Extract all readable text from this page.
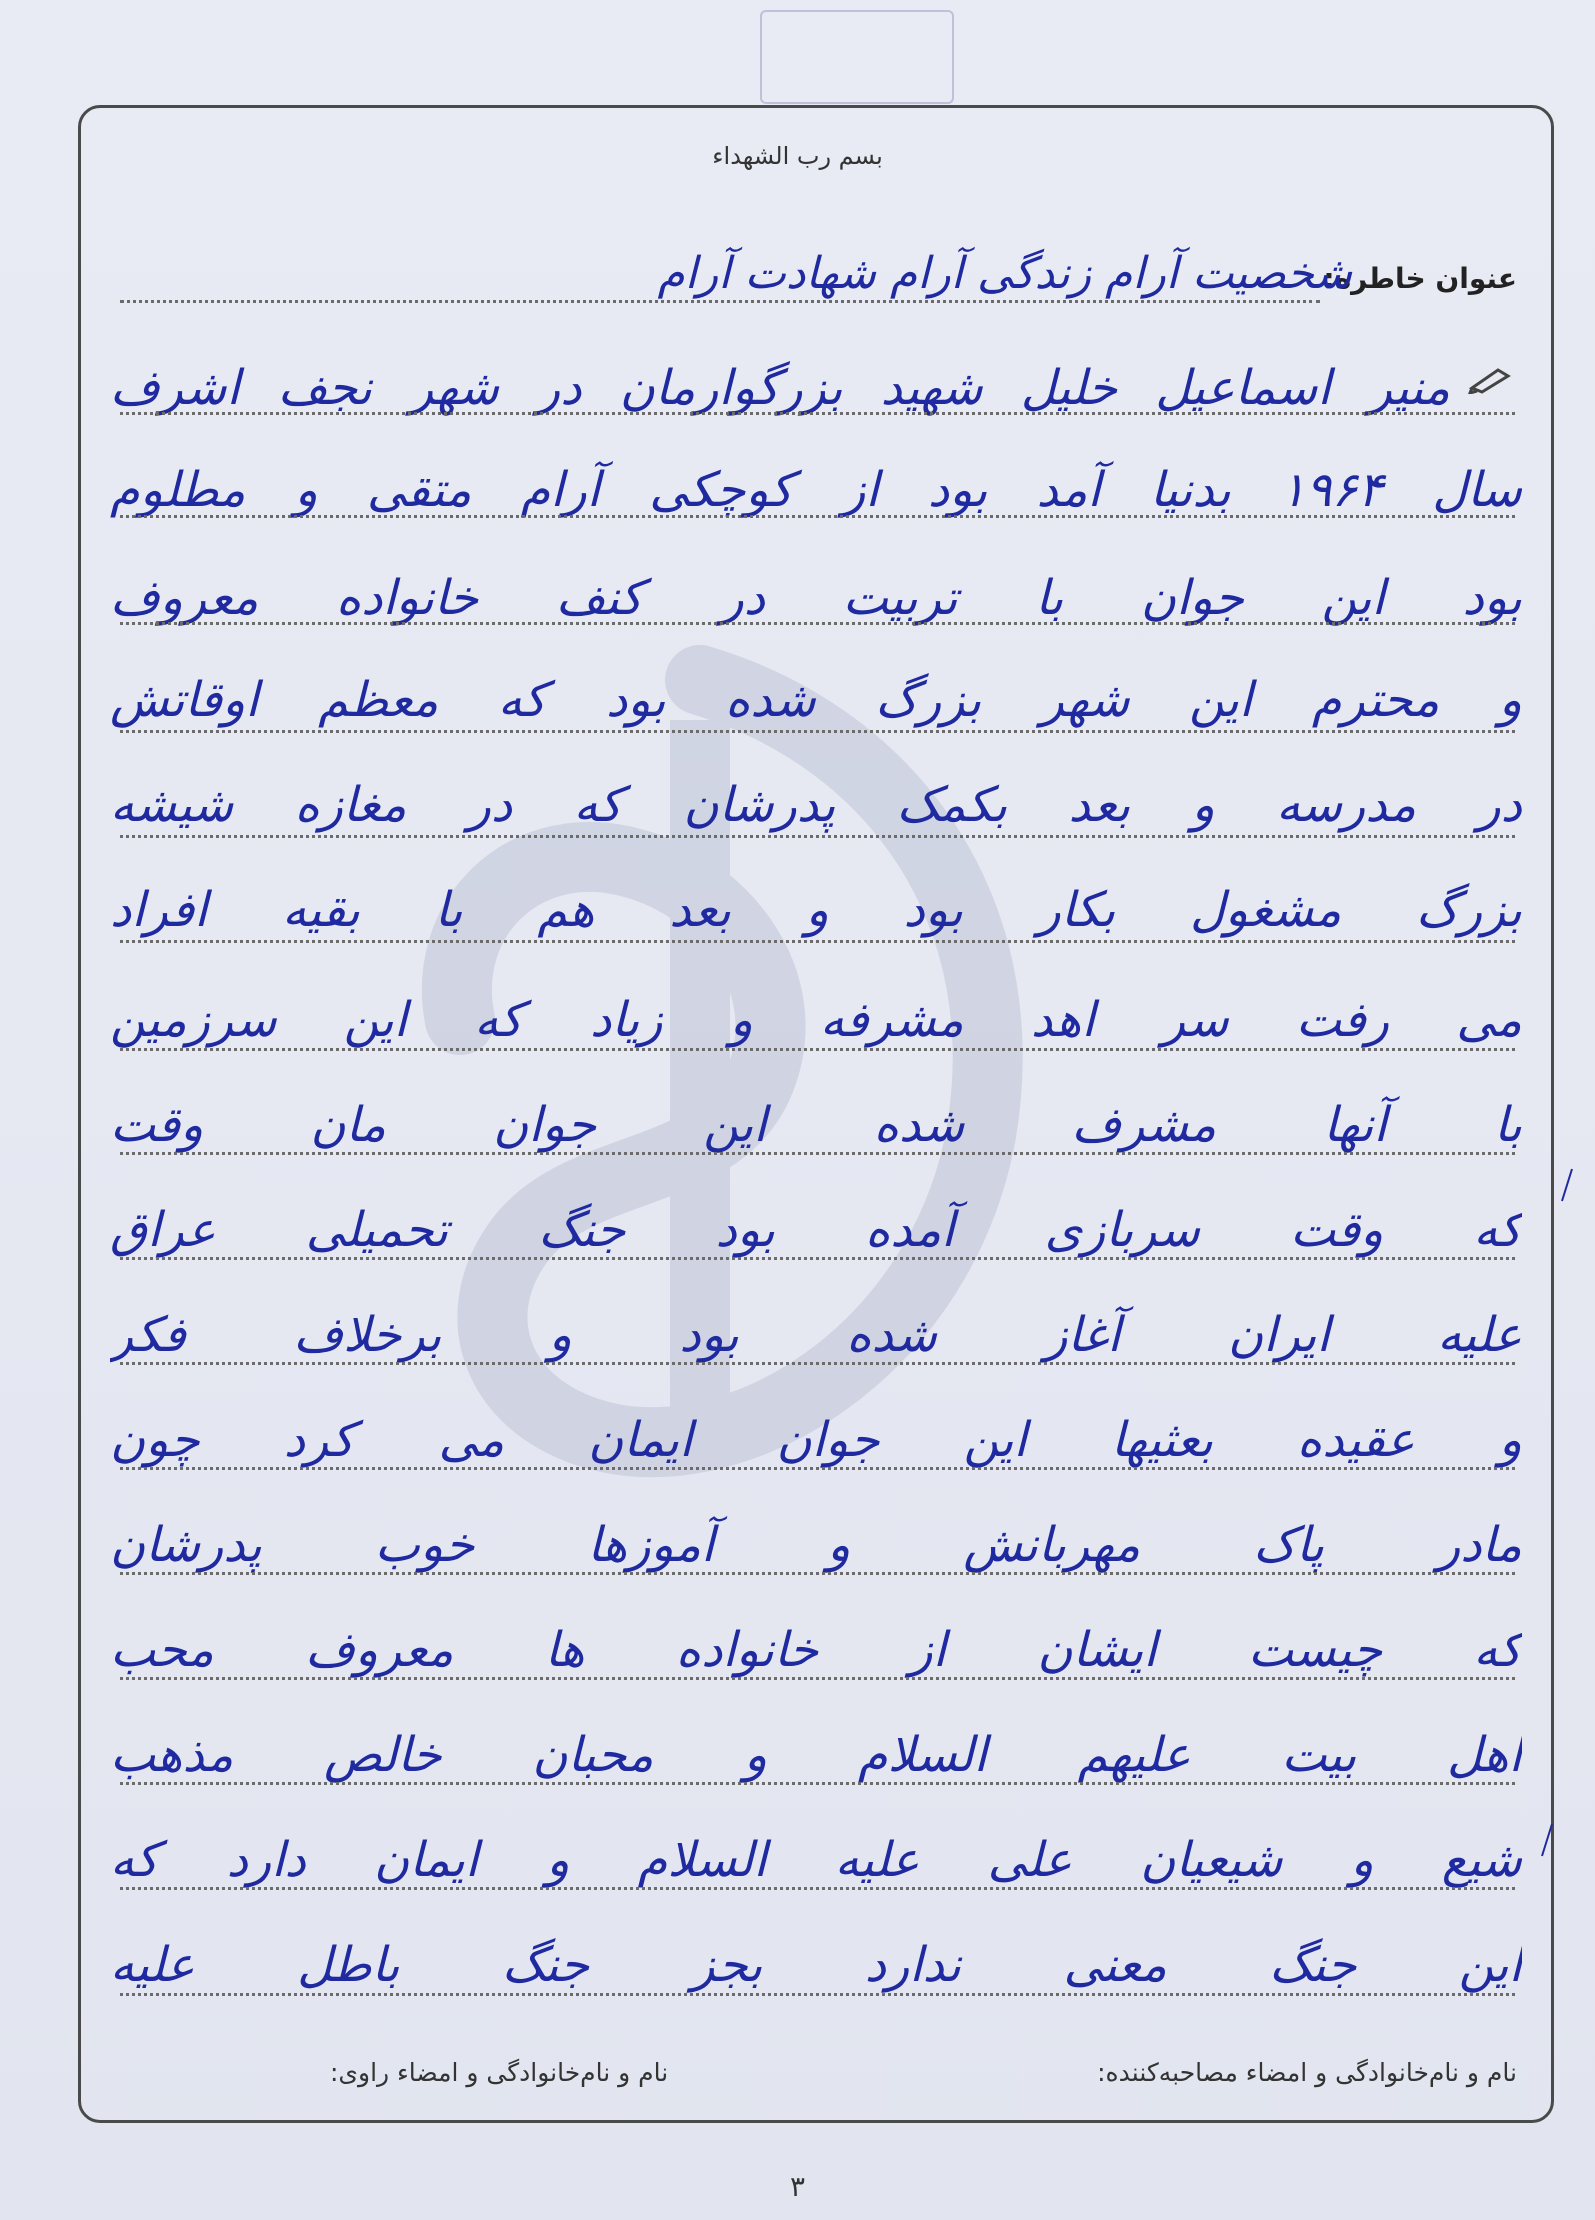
بسم رب الشهداء
عنوان خاطره:
شخصیت آرام زندگی آرام شهادت آرام
منیر اسماعیل خلیل شهید بزرگوارمان در شهر نجف اشرف
سال ۱۹۶۴ بدنیا آمد بود از کوچکی آرام متقی و مطلوم
بود این جوان با تربیت در کنف خانواده معروف
و محترم این شهر بزرگ شده بود که معظم اوقاتش
در مدرسه و بعد بکمک پدرشان که در مغازه شیشه
بزرگ مشغول بکار بود و بعد هم با بقیه افراد
می رفت سر اهد مشرفه و زیاد که این سرزمین
با آنها مشرف شده این جوان مان وقت
که وقت سربازی آمده بود جنگ تحمیلی عراق
علیه ایران آغاز شده بود و برخلاف فکر
و عقیده بعثیها این جوان ایمان می کرد چون
مادر پاک مهربانش و آموزها خوب پدرشان
که چیست ایشان از خانواده ها معروف محب
اهل بیت علیهم السلام و محبان خالص مذهب
شیع و شیعیان علی علیه السلام و ایمان دارد که
این جنگ معنی ندارد بجز جنگ باطل علیه
نام و نام‌خانوادگی و امضاء مصاحبه‌کننده:
نام و نام‌خانوادگی و امضاء راوی:
۳
